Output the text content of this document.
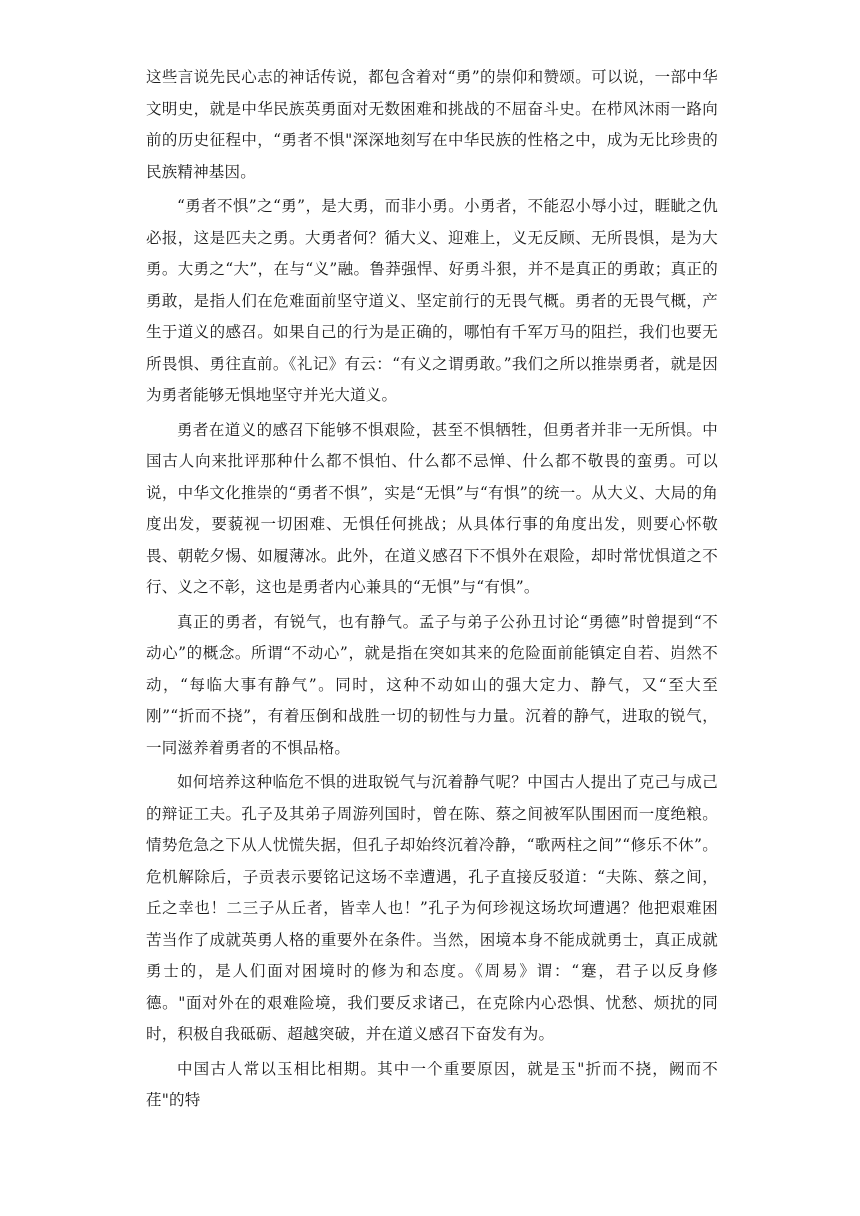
这些言说先民心志的神话传说，都包含着对“勇”的崇仰和赞颂。可以说，一部中华文明史，就是中华民族英勇面对无数困难和挑战的不屈奋斗史。在栉风沐雨一路向前的历史征程中，“勇者不惧"深深地刻写在中华民族的性格之中，成为无比珍贵的民族精神基因。

“勇者不惧”之“勇”，是大勇，而非小勇。小勇者，不能忍小辱小过，睚眦之仇必报，这是匹夫之勇。大勇者何？循大义、迎难上，义无反顾、无所畏惧，是为大勇。大勇之“大”，在与“义”融。鲁莽强悍、好勇斗狠，并不是真正的勇敢；真正的勇敢，是指人们在危难面前坚守道义、坚定前行的无畏气概。勇者的无畏气概，产生于道义的感召。如果自己的行为是正确的，哪怕有千军万马的阻拦，我们也要无所畏惧、勇往直前。《礼记》有云：“有义之谓勇敢。”我们之所以推崇勇者，就是因为勇者能够无惧地坚守并光大道义。

勇者在道义的感召下能够不惧艰险，甚至不惧牺牲，但勇者并非一无所惧。中国古人向来批评那种什么都不惧怕、什么都不忌惮、什么都不敬畏的蛮勇。可以说，中华文化推崇的“勇者不惧”，实是“无惧”与“有惧”的统一。从大义、大局的角度出发，要藐视一切困难、无惧任何挑战；从具体行事的角度出发，则要心怀敬畏、朝乾夕惕、如履薄冰。此外，在道义感召下不惧外在艰险，却时常忧惧道之不行、义之不彰，这也是勇者内心兼具的“无惧”与“有惧”。

真正的勇者，有锐气，也有静气。孟子与弟子公孙丑讨论“勇德”时曾提到“不动心”的概念。所谓“不动心”，就是指在突如其来的危险面前能镇定自若、岿然不动，“每临大事有静气”。同时，这种不动如山的强大定力、静气，又“至大至刚”“折而不挠”，有着压倒和战胜一切的韧性与力量。沉着的静气，进取的锐气，一同滋养着勇者的不惧品格。

如何培养这种临危不惧的进取锐气与沉着静气呢？中国古人提出了克己与成己的辩证工夫。孔子及其弟子周游列国时，曾在陈、蔡之间被军队围困而一度绝粮。情势危急之下从人忧慌失据，但孔子却始终沉着冷静，“歌两柱之间”“修乐不休”。危机解除后，子贡表示要铭记这场不幸遭遇，孔子直接反驳道：“夫陈、蔡之间，丘之幸也！二三子从丘者，皆幸人也！”孔子为何珍视这场坎坷遭遇？他把艰难困苦当作了成就英勇人格的重要外在条件。当然，困境本身不能成就勇士，真正成就勇士的，是人们面对困境时的修为和态度。《周易》谓：“蹇，君子以反身修德。"面对外在的艰难险境，我们要反求诸己，在克除内心恐惧、忧愁、烦扰的同时，积极自我砥砺、超越突破，并在道义感召下奋发有为。

中国古人常以玉相比相期。其中一个重要原因，就是玉"折而不挠，阙而不荏"的特
